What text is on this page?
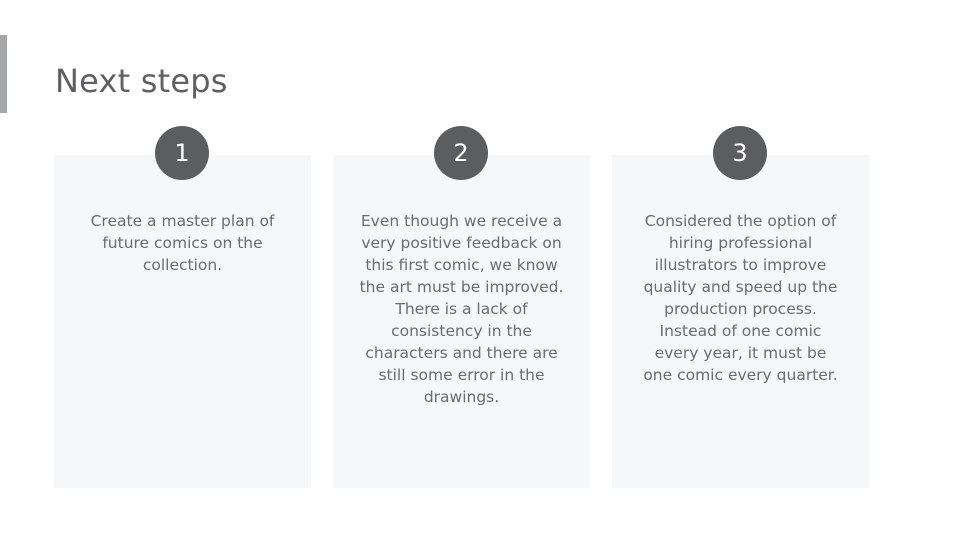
Next steps
1	2	3

Create a master plan of future comics on the collection.

Even though we receive a very positive feedback on this first comic, we know the art must be improved. There is a lack of consistency in the characters and there are still some error in the drawings.

Considered the option of hiring professional illustrators to improve quality and speed up the production process. Instead of one comic every year, it must be one comic every quarter.
